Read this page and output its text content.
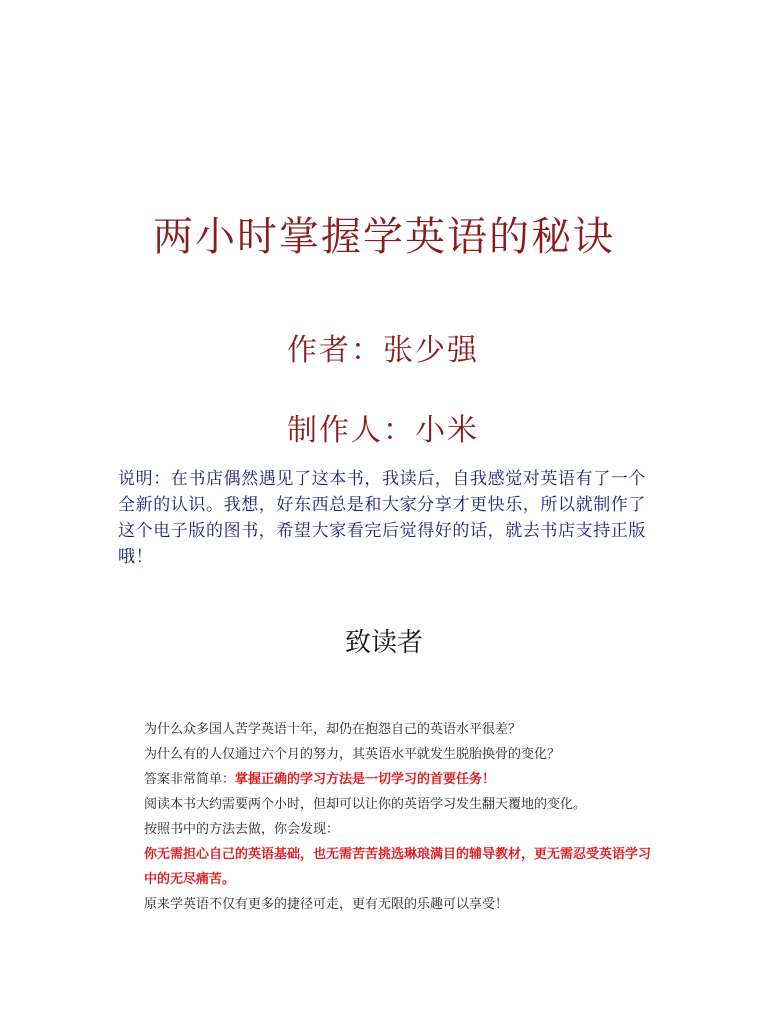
两小时掌握学英语的秘诀
作者：张少强
制作人：小米

说明：在书店偶然遇见了这本书，我读后，自我感觉对英语有了一个全新的认识。我想，好东西总是和大家分享才更快乐，所以就制作了这个电子版的图书，希望大家看完后觉得好的话，就去书店支持正版哦！

致读者
为什么众多国人苦学英语十年，却仍在抱怨自己的英语水平很差？
为什么有的人仅通过六个月的努力，其英语水平就发生脱胎换骨的变化？
答案非常简单：掌握正确的学习方法是一切学习的首要任务！
阅读本书大约需要两个小时，但却可以让你的英语学习发生翻天覆地的变化。
按照书中的方法去做，你会发现：
你无需担心自己的英语基础，也无需苦苦挑选琳琅满目的辅导教材，更无需忍受英语学习中的无尽痛苦。
原来学英语不仅有更多的捷径可走，更有无限的乐趣可以享受！
